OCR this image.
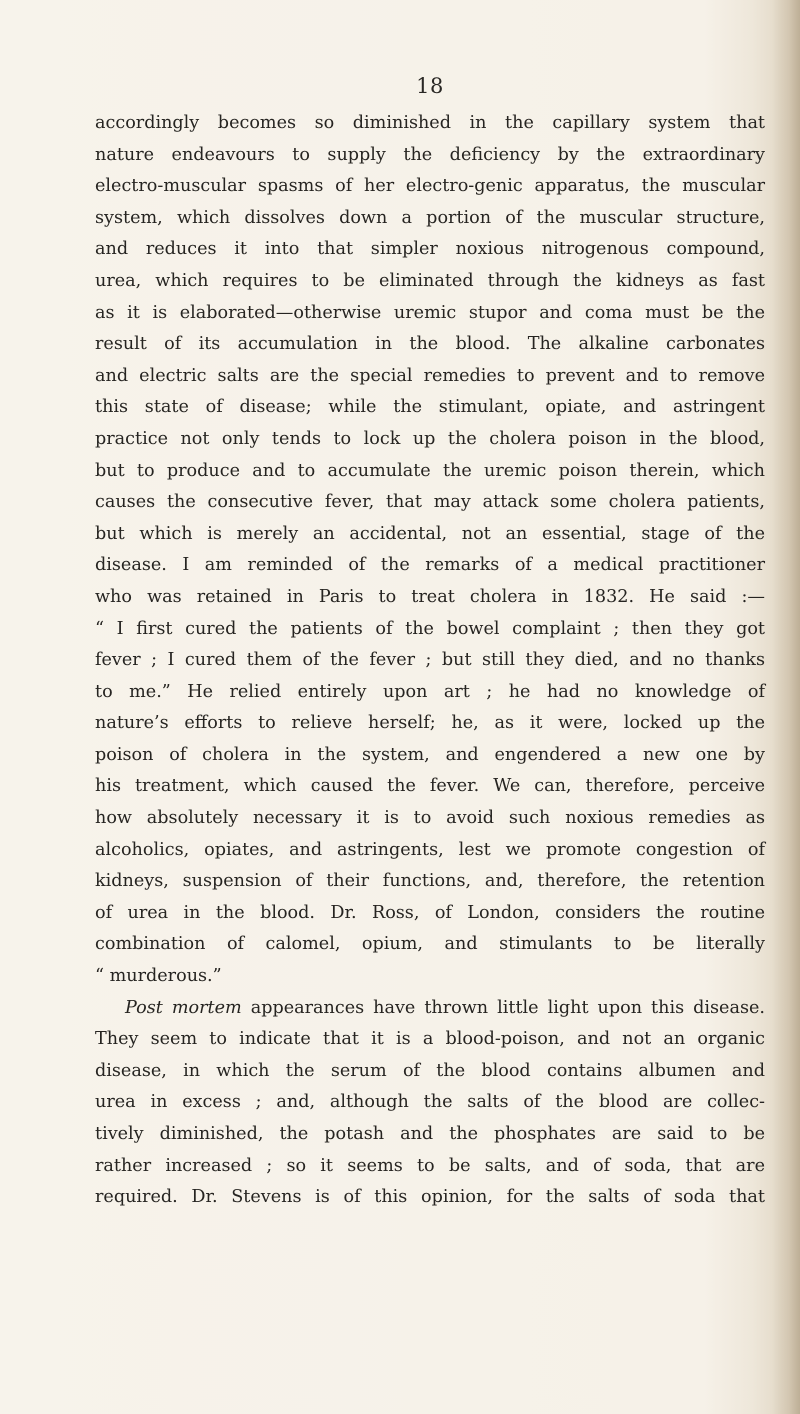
18
accordingly becomes so diminished in the capillary system that
nature endeavours to supply the deficiency by the extraordinary
electro-muscular spasms of her electro-genic apparatus, the muscular
system, which dissolves down a portion of the muscular structure,
and reduces it into that simpler noxious nitrogenous compound,
urea, which requires to be eliminated through the kidneys as fast
as it is elaborated—otherwise uremic stupor and coma must be the
result of its accumulation in the blood. The alkaline carbonates
and electric salts are the special remedies to prevent and to remove
this state of disease; while the stimulant, opiate, and astringent
practice not only tends to lock up the cholera poison in the blood,
but to produce and to accumulate the uremic poison therein, which
causes the consecutive fever, that may attack some cholera patients,
but which is merely an accidental, not an essential, stage of the
disease. I am reminded of the remarks of a medical practitioner
who was retained in Paris to treat cholera in 1832. He said :—
“ I first cured the patients of the bowel complaint ; then they got
fever ; I cured them of the fever ; but still they died, and no thanks
to me.” He relied entirely upon art ; he had no knowledge of
nature’s efforts to relieve herself; he, as it were, locked up the
poison of cholera in the system, and engendered a new one by
his treatment, which caused the fever. We can, therefore, perceive
how absolutely necessary it is to avoid such noxious remedies as
alcoholics, opiates, and astringents, lest we promote congestion of
kidneys, suspension of their functions, and, therefore, the retention
of urea in the blood. Dr. Ross, of London, considers the routine
combination of calomel, opium, and stimulants to be literally
“ murderous.”
Post mortem appearances have thrown little light upon this disease.
They seem to indicate that it is a blood-poison, and not an organic
disease, in which the serum of the blood contains albumen and
urea in excess ; and, although the salts of the blood are collec-
tively diminished, the potash and the phosphates are said to be
rather increased ; so it seems to be salts, and of soda, that are
required. Dr. Stevens is of this opinion, for the salts of soda that
